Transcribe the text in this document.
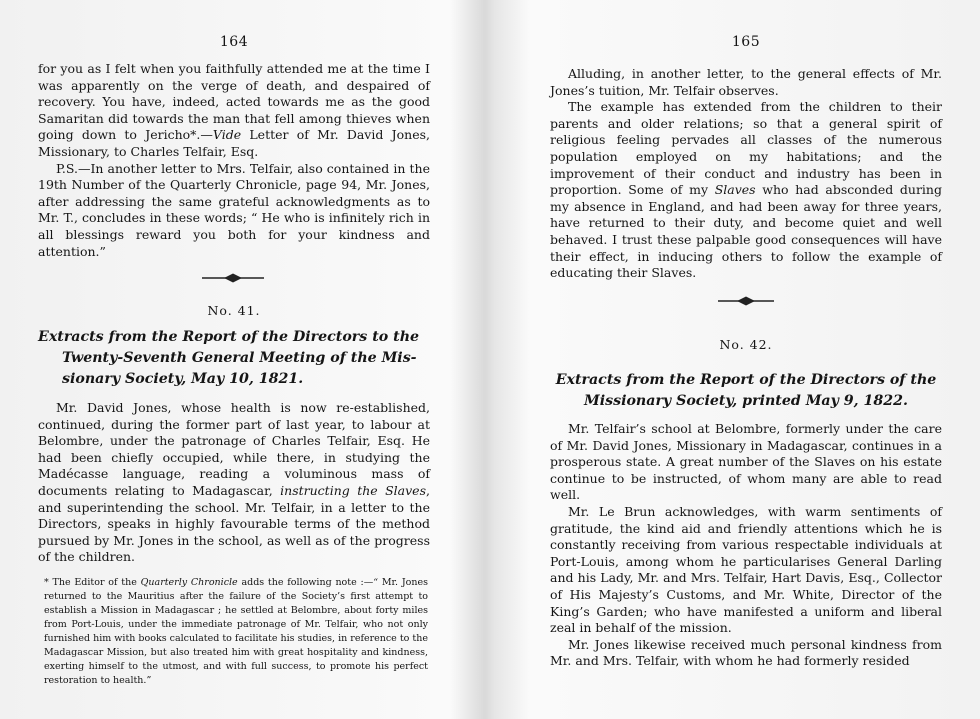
164

for you as I felt when you faithfully attended me at the time I was apparently on the verge of death, and despaired of recovery. You have, indeed, acted towards me as the good Samaritan did towards the man that fell among thieves when going down to Jericho*.—Vide Letter of Mr. David Jones, Missionary, to Charles Telfair, Esq.

P.S.—In another letter to Mrs. Telfair, also contained in the 19th Number of the Quarterly Chronicle, page 94, Mr. Jones, after addressing the same grateful acknowledgments as to Mr. T., concludes in these words; “ He who is infinitely rich in all blessings reward you both for your kindness and attention.”

No. 41.
Extracts from the Report of the Directors to the
Twenty-Seventh General Meeting of the Mis-
sionary Society, May 10, 1821.

Mr. David Jones, whose health is now re-established, continued, during the former part of last year, to labour at Belombre, under the patronage of Charles Telfair, Esq. He had been chiefly occupied, while there, in studying the Madécasse language, reading a voluminous mass of documents relating to Madagascar, instructing the Slaves, and superintending the school. Mr. Telfair, in a letter to the Directors, speaks in highly favourable terms of the method pursued by Mr. Jones in the school, as well as of the progress of the children.

* The Editor of the Quarterly Chronicle adds the following note :—“ Mr. Jones returned to the Mauritius after the failure of the Society’s first attempt to establish a Mission in Madagascar ; he settled at Belombre, about forty miles from Port-Louis, under the immediate patronage of Mr. Telfair, who not only furnished him with books calculated to facilitate his studies, in reference to the Madagascar Mission, but also treated him with great hospitality and kindness, exerting himself to the utmost, and with full success, to promote his perfect restoration to health.”

165

Alluding, in another letter, to the general effects of Mr. Jones’s tuition, Mr. Telfair observes.

The example has extended from the children to their parents and older relations; so that a general spirit of religious feeling pervades all classes of the numerous population employed on my habitations; and the improvement of their conduct and industry has been in proportion. Some of my Slaves who had absconded during my absence in England, and had been away for three years, have returned to their duty, and become quiet and well behaved. I trust these palpable good consequences will have their effect, in inducing others to follow the example of educating their Slaves.

No. 42.
Extracts from the Report of the Directors of the
Missionary Society, printed May 9, 1822.

Mr. Telfair’s school at Belombre, formerly under the care of Mr. David Jones, Missionary in Madagascar, continues in a prosperous state. A great number of the Slaves on his estate continue to be instructed, of whom many are able to read well.

Mr. Le Brun acknowledges, with warm sentiments of gratitude, the kind aid and friendly attentions which he is constantly receiving from various respectable individuals at Port-Louis, among whom he particularises General Darling and his Lady, Mr. and Mrs. Telfair, Hart Davis, Esq., Collector of His Majesty’s Customs, and Mr. White, Director of the King’s Garden; who have manifested a uniform and liberal zeal in behalf of the mission.

Mr. Jones likewise received much personal kindness from Mr. and Mrs. Telfair, with whom he had formerly resided
